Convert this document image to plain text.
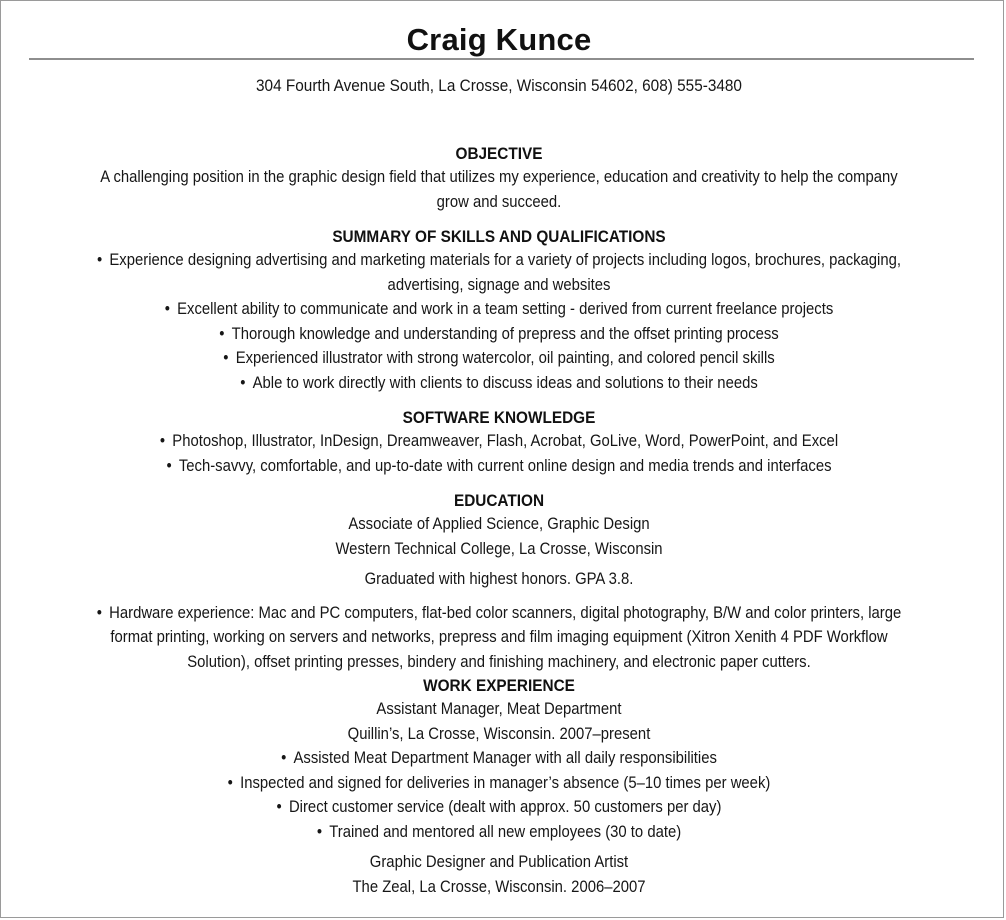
Craig Kunce
304 Fourth Avenue South, La Crosse, Wisconsin 54602, 608) 555-3480
OBJECTIVE
A challenging position in the graphic design field that utilizes my experience, education and creativity to help the company
grow and succeed.
SUMMARY OF SKILLS AND QUALIFICATIONS
• Experience designing advertising and marketing materials for a variety of projects including logos, brochures, packaging,
advertising, signage and websites
• Excellent ability to communicate and work in a team setting - derived from current freelance projects
• Thorough knowledge and understanding of prepress and the offset printing process
• Experienced illustrator with strong watercolor, oil painting, and colored pencil skills
• Able to work directly with clients to discuss ideas and solutions to their needs
SOFTWARE KNOWLEDGE
• Photoshop, Illustrator, InDesign, Dreamweaver, Flash, Acrobat, GoLive, Word, PowerPoint, and Excel
• Tech-savvy, comfortable, and up-to-date with current online design and media trends and interfaces
EDUCATION
Associate of Applied Science, Graphic Design
Western Technical College, La Crosse, Wisconsin
Graduated with highest honors. GPA 3.8.
• Hardware experience: Mac and PC computers, flat-bed color scanners, digital photography, B/W and color printers, large
format printing, working on servers and networks, prepress and film imaging equipment (Xitron Xenith 4 PDF Workflow
Solution), offset printing presses, bindery and finishing machinery, and electronic paper cutters.
WORK EXPERIENCE
Assistant Manager, Meat Department
Quillin’s, La Crosse, Wisconsin. 2007–present
• Assisted Meat Department Manager with all daily responsibilities
• Inspected and signed for deliveries in manager’s absence (5–10 times per week)
• Direct customer service (dealt with approx. 50 customers per day)
• Trained and mentored all new employees (30 to date)
Graphic Designer and Publication Artist
The Zeal, La Crosse, Wisconsin. 2006–2007
